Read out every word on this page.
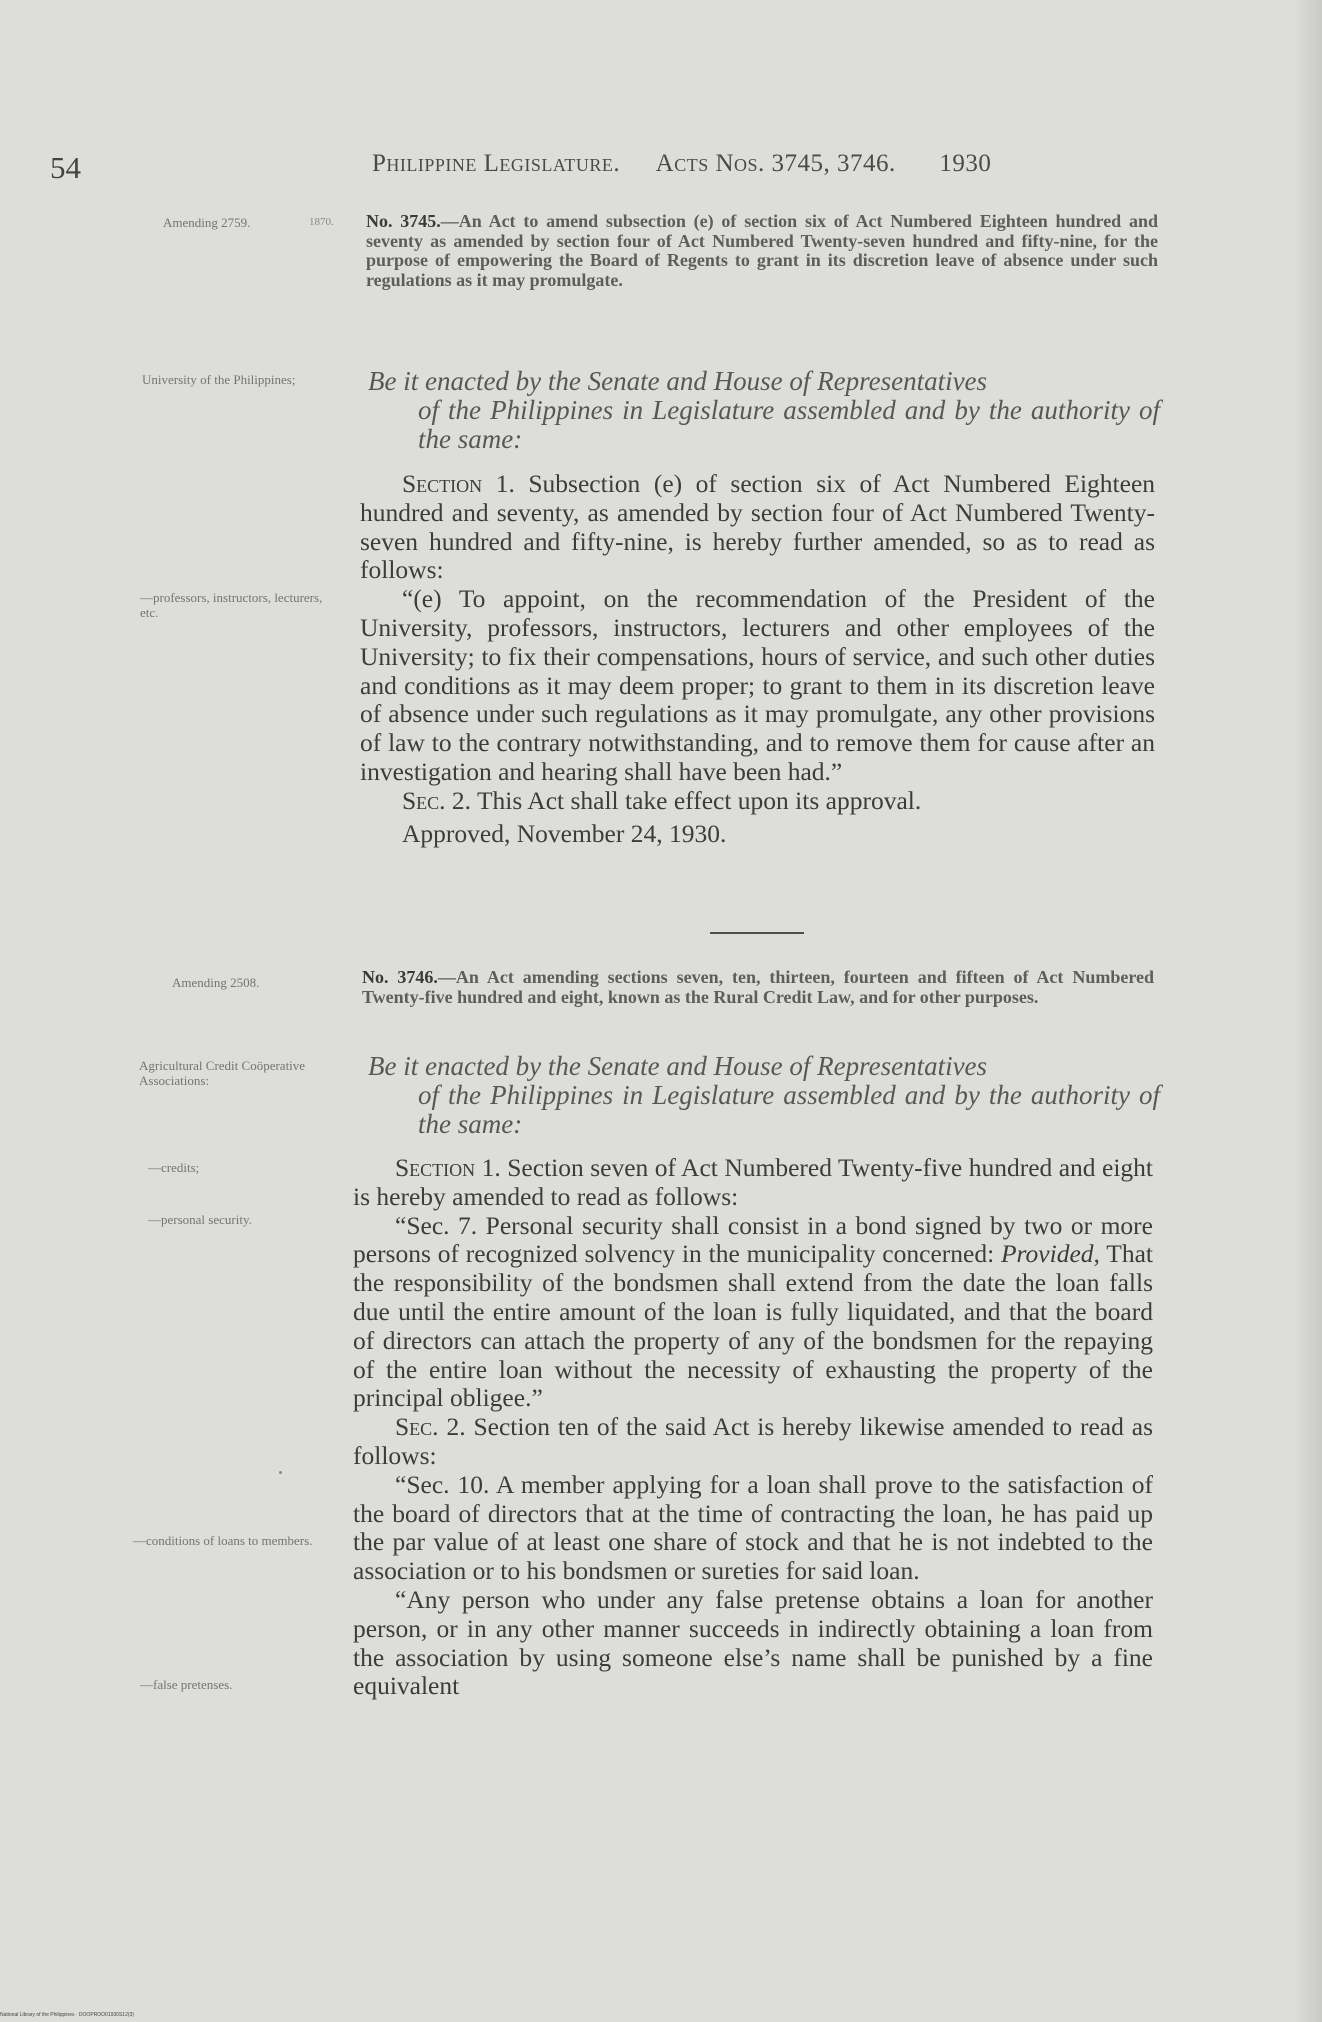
54	Philippine Legislature. Acts Nos. 3745, 3746. 1930
Amending 2759.	1870. No. 3745.—An Act to amend subsection (e) of section six of Act Numbered Eighteen hundred and seventy as amended by section four of Act Numbered Twenty-seven hundred and fifty-nine, for the purpose of empowering the Board of Regents to grant in its discretion leave of absence under such regulations as it may promulgate.

University of the Philippines;	Be it enacted by the Senate and House of Representatives
of the Philippines in Legislature assembled and by the authority of the same:

—professors, instructors, lecturers, etc.

Section 1. Subsection (e) of section six of Act Numbered Eighteen hundred and seventy, as amended by section four of Act Numbered Twenty-seven hundred and fifty-nine, is hereby further amended, so as to read as follows:

“(e) To appoint, on the recommendation of the President of the University, professors, instructors, lecturers and other employees of the University; to fix their compensations, hours of service, and such other duties and conditions as it may deem proper; to grant to them in its discretion leave of absence under such regulations as it may promulgate, any other provisions of law to the contrary notwithstanding, and to remove them for cause after an investigation and hearing shall have been had.”

Sec. 2. This Act shall take effect upon its approval.

Approved, November 24, 1930.

Amending 2508.	No. 3746.—An Act amending sections seven, ten, thirteen, fourteen and fifteen of Act Numbered Twenty-five hundred and eight, known as the Rural Credit Law, and for other purposes.

Agricultural Credit Coöperative Associations:	Be it enacted by the Senate and House of Representatives
of the Philippines in Legislature assembled and by the authority of the same:

—credits;
—personal security.
—conditions of loans to members.
—false pretenses.

Section 1. Section seven of Act Numbered Twenty-five hundred and eight is hereby amended to read as follows:

“Sec. 7. Personal security shall consist in a bond signed by two or more persons of recognized solvency in the municipality concerned: Provided, That the responsibility of the bondsmen shall extend from the date the loan falls due until the entire amount of the loan is fully liquidated, and that the board of directors can attach the property of any of the bondsmen for the repaying of the entire loan without the necessity of exhausting the property of the principal obligee.”

Sec. 2. Section ten of the said Act is hereby likewise amended to read as follows:

“Sec. 10. A member applying for a loan shall prove to the satisfaction of the board of directors that at the time of contracting the loan, he has paid up the par value of at least one share of stock and that he is not indebted to the association or to his bondsmen or sureties for said loan.

“Any person who under any false pretense obtains a loan for another person, or in any other manner succeeds in indirectly obtaining a loan from the association by using someone else’s name shall be punished by a fine equivalent

National Library of the Philippines · DOOPROO01930S12(3)
